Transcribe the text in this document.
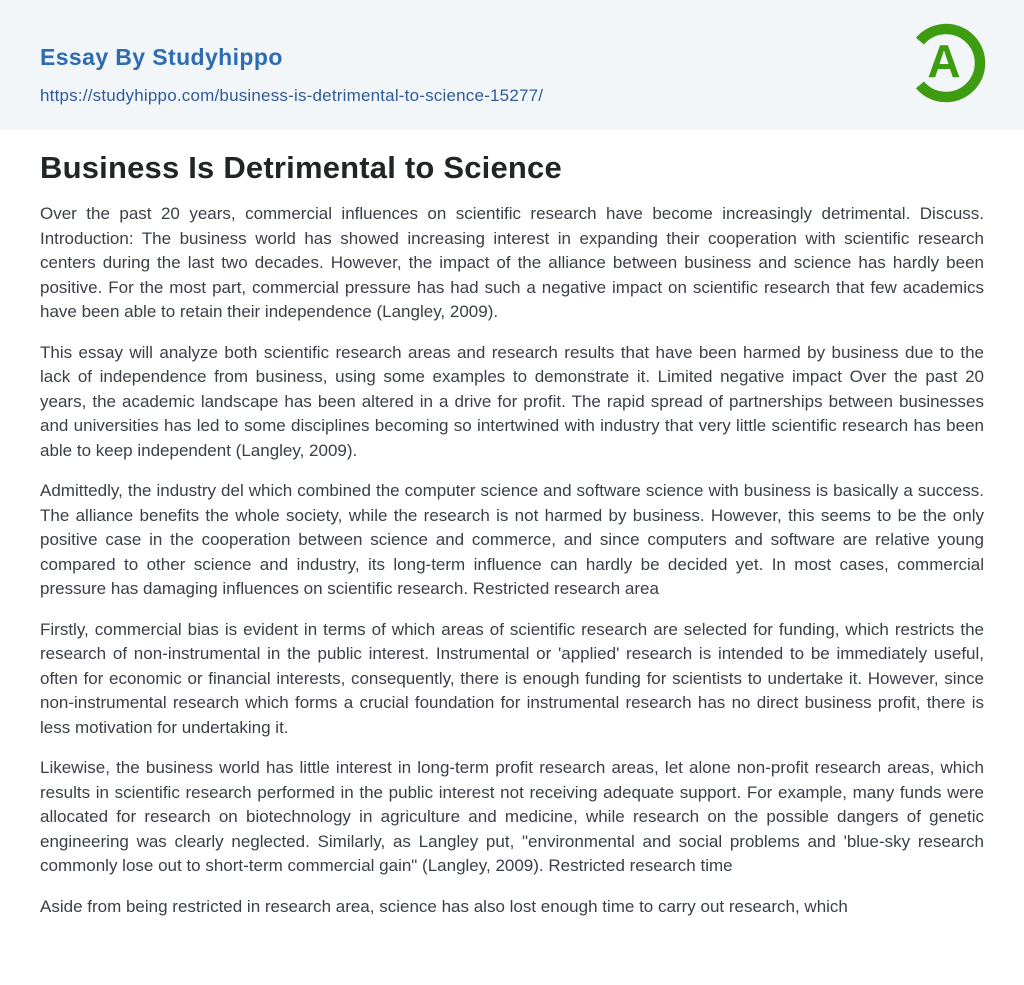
Essay By Studyhippo
https://studyhippo.com/business-is-detrimental-to-science-15277/
A
Business Is Detrimental to Science

Over the past 20 years, commercial influences on scientific research have become increasingly detrimental. Discuss. Introduction: The business world has showed increasing interest in expanding their cooperation with scientific research centers during the last two decades. However, the impact of the alliance between business and science has hardly been positive. For the most part, commercial pressure has had such a negative impact on scientific research that few academics have been able to retain their independence (Langley, 2009).

This essay will analyze both scientific research areas and research results that have been harmed by business due to the lack of independence from business, using some examples to demonstrate it. Limited negative impact Over the past 20 years, the academic landscape has been altered in a drive for profit. The rapid spread of partnerships between businesses and universities has led to some disciplines becoming so intertwined with industry that very little scientific research has been able to keep independent (Langley, 2009).

Admittedly, the industry del which combined the computer science and software science with business is basically a success. The alliance benefits the whole society, while the research is not harmed by business. However, this seems to be the only positive case in the cooperation between science and commerce, and since computers and software are relative young compared to other science and industry, its long-term influence can hardly be decided yet. In most cases, commercial pressure has damaging influences on scientific research. Restricted research area

Firstly, commercial bias is evident in terms of which areas of scientific research are selected for funding, which restricts the research of non-instrumental in the public interest. Instrumental or 'applied' research is intended to be immediately useful, often for economic or financial interests, consequently, there is enough funding for scientists to undertake it. However, since non-instrumental research which forms a crucial foundation for instrumental research has no direct business profit, there is less motivation for undertaking it.

Likewise, the business world has little interest in long-term profit research areas, let alone non-profit research areas, which results in scientific research performed in the public interest not receiving adequate support. For example, many funds were allocated for research on biotechnology in agriculture and medicine, while research on the possible dangers of genetic engineering was clearly neglected. Similarly, as Langley put, "environmental and social problems and 'blue-sky research commonly lose out to short-term commercial gain" (Langley, 2009). Restricted research time

Aside from being restricted in research area, science has also lost enough time to carry out research, which
